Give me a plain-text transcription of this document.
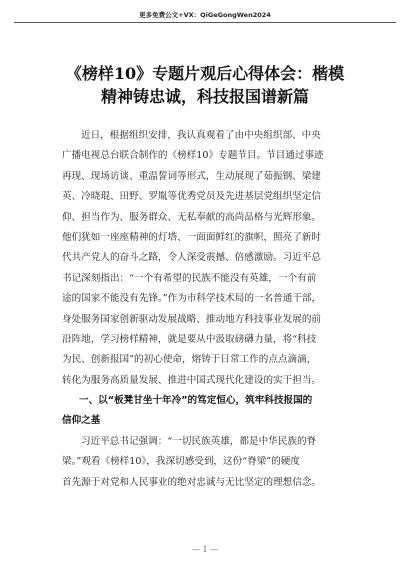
更多免费公文+VX：QiGeGongWen2024
《榜样10》专题片观后心得体会：楷模
精神铸忠诚，科技报国谱新篇
近日，根据组织安排，我认真观看了由中央组织部、中央
广播电视总台联合制作的《榜样10》专题节目。节目通过事迹
再现、现场访谈、重温誓词等形式，生动展现了茹振钢、梁建
英、冷晓琨、田野、罗胤等优秀党员及先进基层党组织坚定信
仰、担当作为、服务群众、无私奉献的高尚品格与光辉形象。
他们犹如一座座精神的灯塔、一面面鲜红的旗帜，照亮了新时
代共产党人的奋斗之路，令人深受震撼、倍感激励。习近平总
书记深刻指出：“一个有希望的民族不能没有英雄，一个有前
途的国家不能没有先锋。”作为市科学技术局的一名普通干部，
身处服务国家创新驱动发展战略、推动地方科技事业发展的前
沿阵地，学习榜样精神，就是要从中汲取磅礴力量，将“科技
为民、创新报国”的初心使命，熔铸于日常工作的点点滴滴，
转化为服务高质量发展、推进中国式现代化建设的实干担当。
一、以“板凳甘坐十年冷”的笃定恒心，筑牢科技报国的
信仰之基
习近平总书记强调：“一切民族英雄，都是中华民族的脊
梁。”观看《榜样10》，我深切感受到，这份“脊梁”的硬度
首先源于对党和人民事业的绝对忠诚与无比坚定的理想信念。
— 1 —
